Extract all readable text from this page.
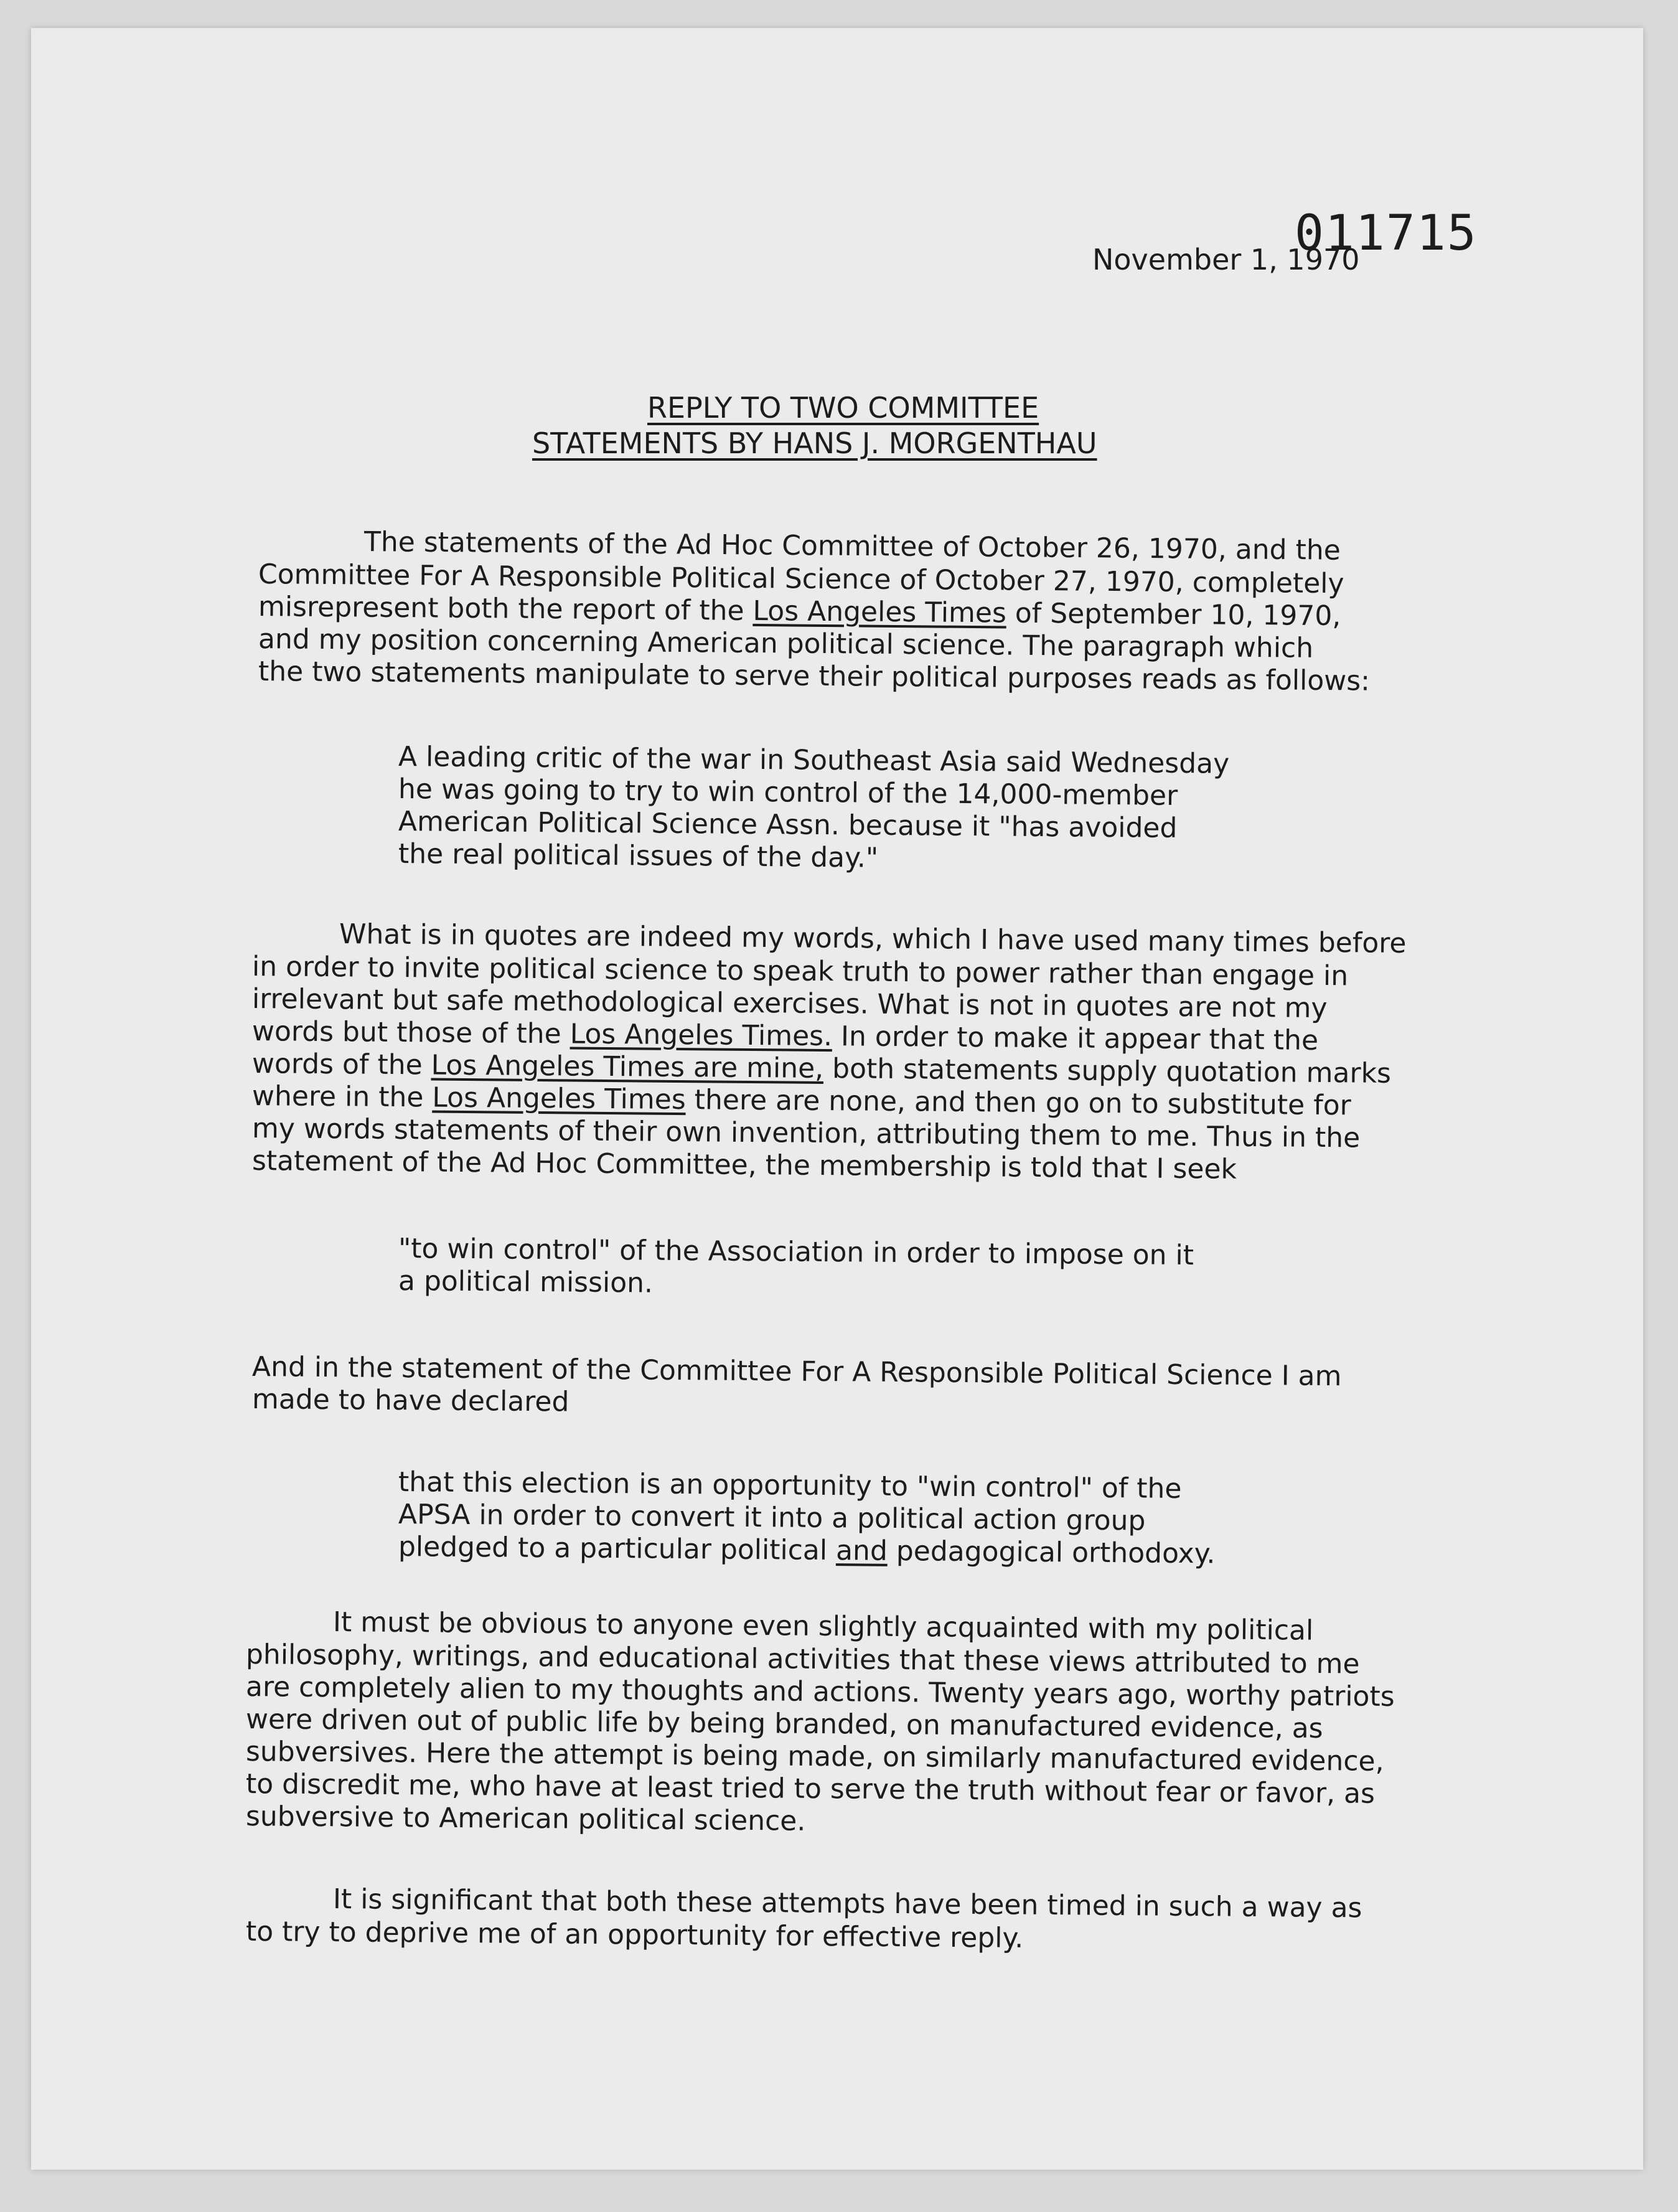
011715
November 1, 1970
REPLY TO TWO COMMITTEE
STATEMENTS BY HANS J. MORGENTHAU
The statements of the Ad Hoc Committee of October 26, 1970, and the
Committee For A Responsible Political Science of October 27, 1970, completely
misrepresent both the report of the Los Angeles Times of September 10, 1970,
and my position concerning American political science. The paragraph which
the two statements manipulate to serve their political purposes reads as follows:
A leading critic of the war in Southeast Asia said Wednesday
he was going to try to win control of the 14,000-member
American Political Science Assn. because it "has avoided
the real political issues of the day."
What is in quotes are indeed my words, which I have used many times before
in order to invite political science to speak truth to power rather than engage in
irrelevant but safe methodological exercises. What is not in quotes are not my
words but those of the Los Angeles Times. In order to make it appear that the
words of the Los Angeles Times are mine, both statements supply quotation marks
where in the Los Angeles Times there are none, and then go on to substitute for
my words statements of their own invention, attributing them to me. Thus in the
statement of the Ad Hoc Committee, the membership is told that I seek
"to win control" of the Association in order to impose on it
a political mission.
And in the statement of the Committee For A Responsible Political Science I am
made to have declared
that this election is an opportunity to "win control" of the
APSA in order to convert it into a political action group
pledged to a particular political and pedagogical orthodoxy.
It must be obvious to anyone even slightly acquainted with my political
philosophy, writings, and educational activities that these views attributed to me
are completely alien to my thoughts and actions. Twenty years ago, worthy patriots
were driven out of public life by being branded, on manufactured evidence, as
subversives. Here the attempt is being made, on similarly manufactured evidence,
to discredit me, who have at least tried to serve the truth without fear or favor, as
subversive to American political science.
It is significant that both these attempts have been timed in such a way as
to try to deprive me of an opportunity for effective reply.
